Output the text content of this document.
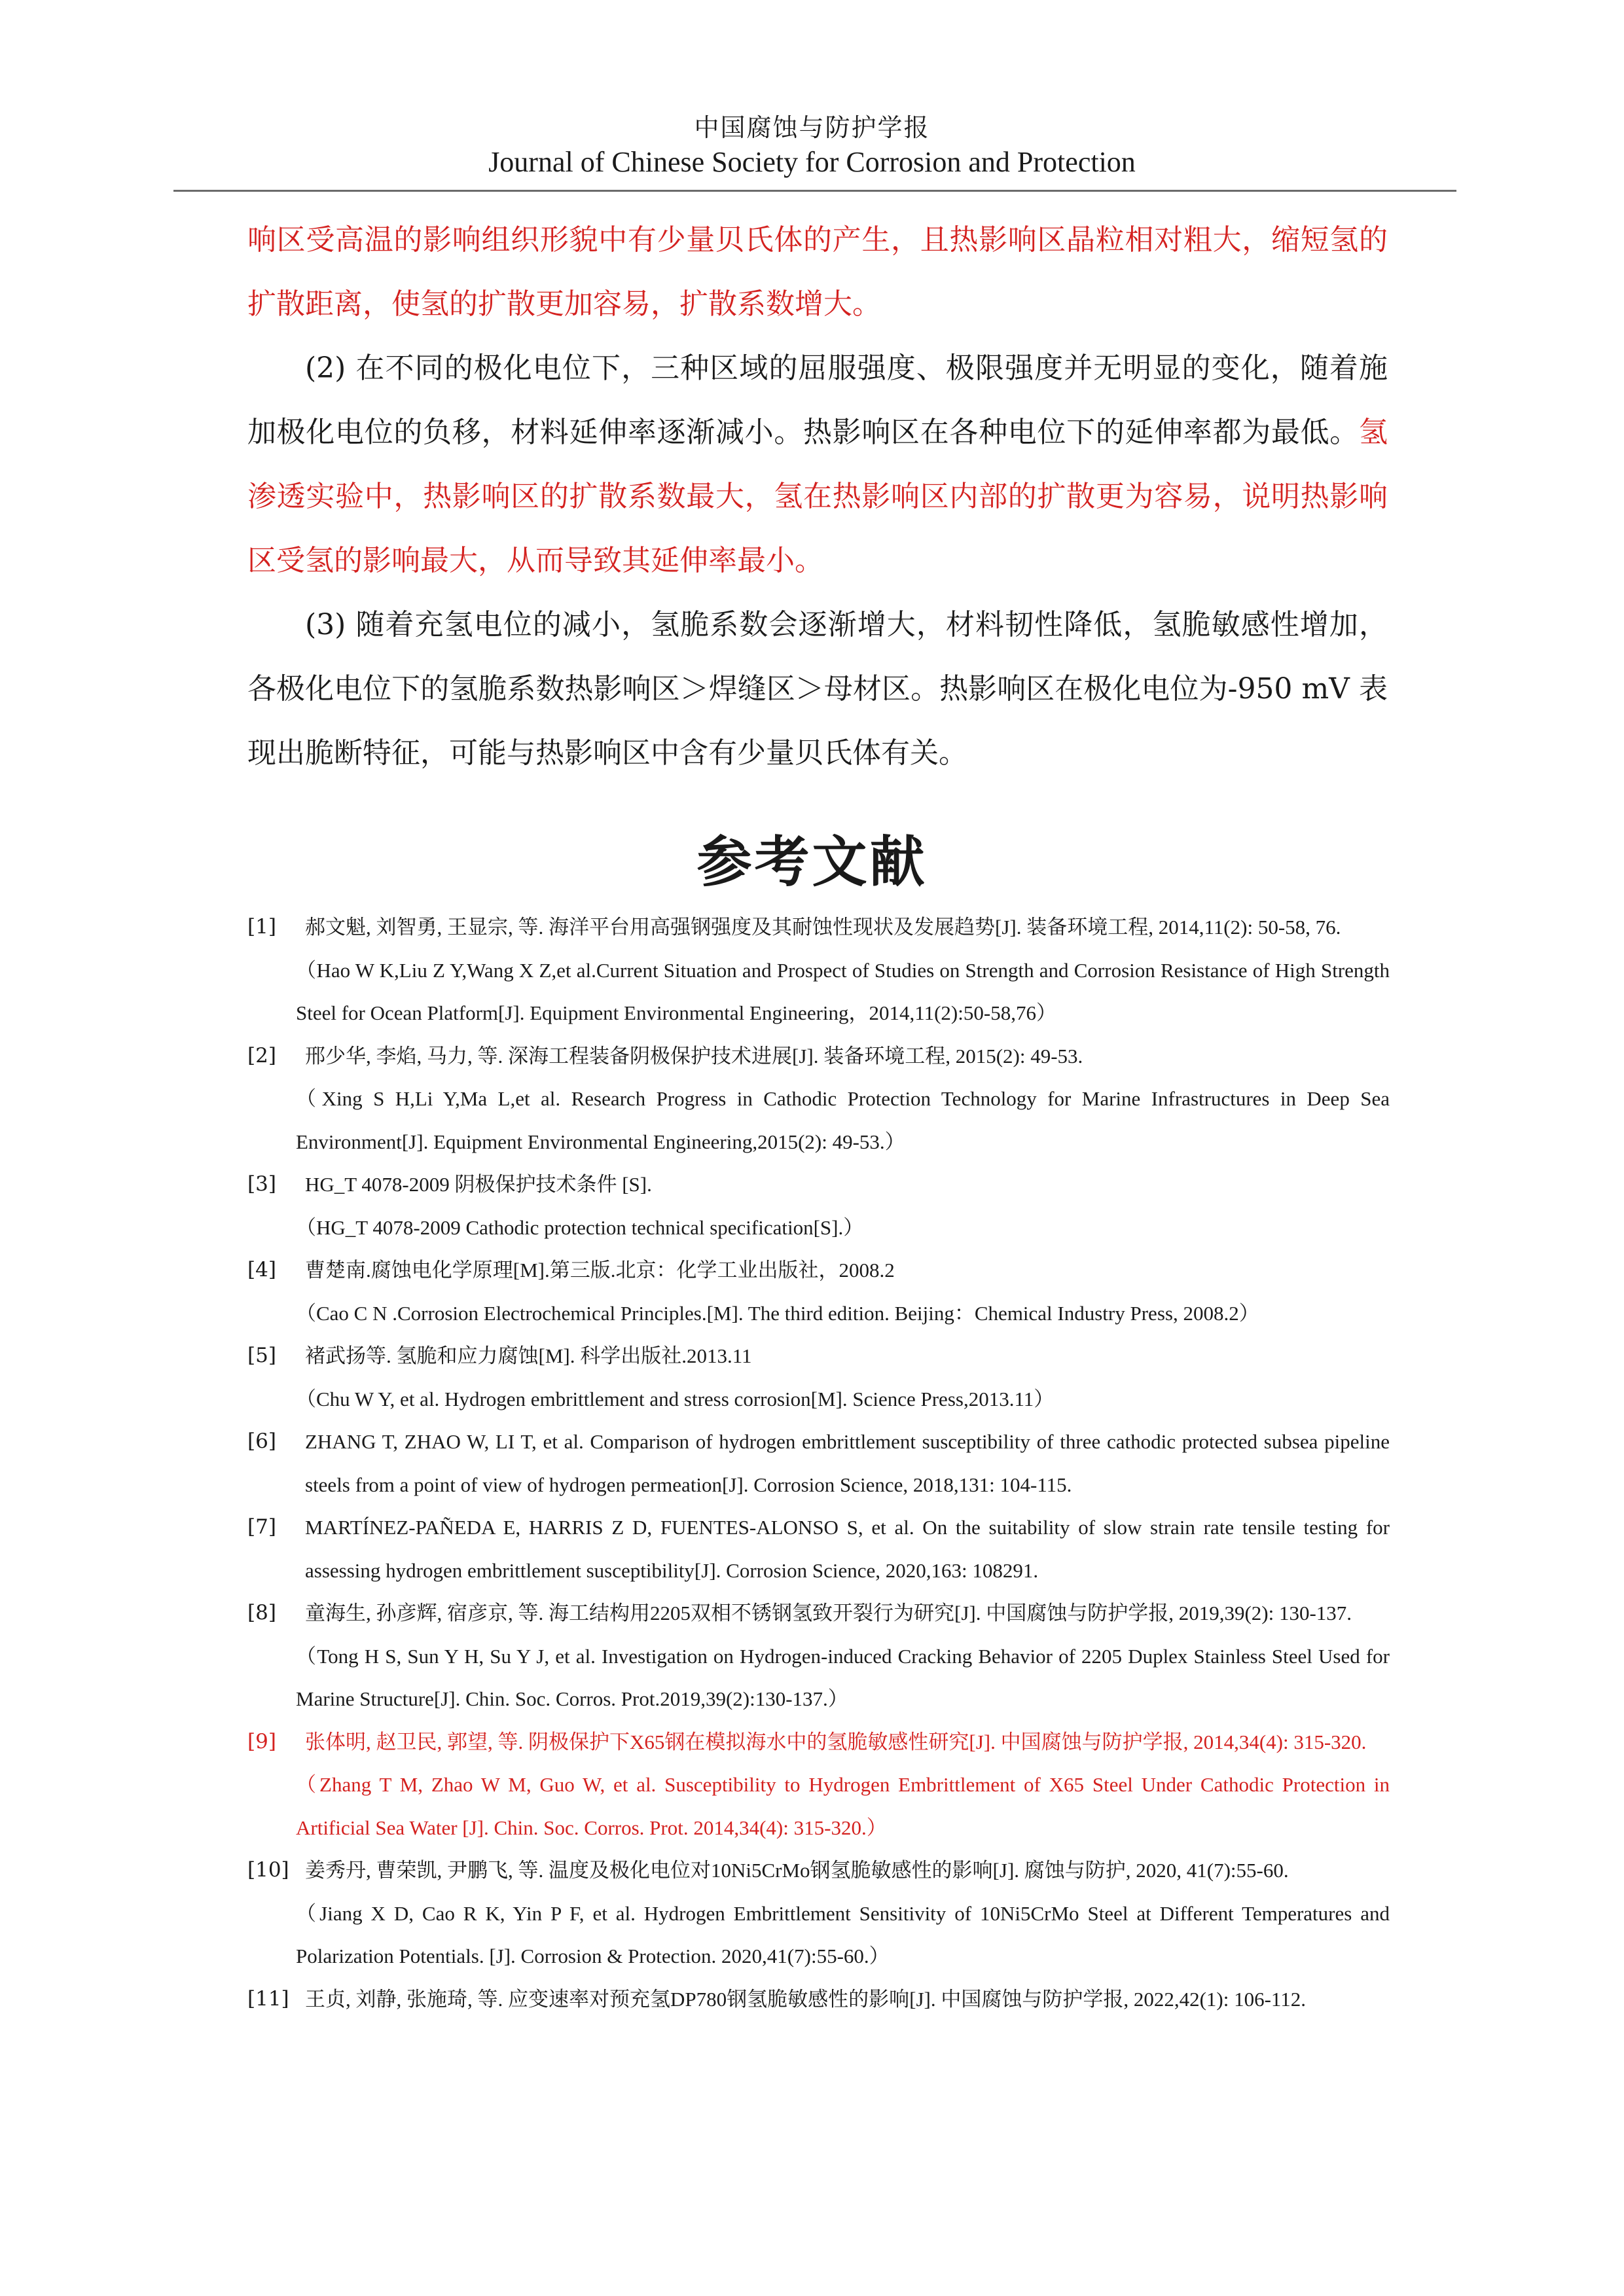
中国腐蚀与防护学报
Journal of Chinese Society for Corrosion and Protection

响区受高温的影响组织形貌中有少量贝氏体的产生，且热影响区晶粒相对粗大，缩短氢的扩散距离，使氢的扩散更加容易，扩散系数增大。

(2) 在不同的极化电位下，三种区域的屈服强度、极限强度并无明显的变化，随着施加极化电位的负移，材料延伸率逐渐减小。热影响区在各种电位下的延伸率都为最低。氢渗透实验中，热影响区的扩散系数最大，氢在热影响区内部的扩散更为容易，说明热影响区受氢的影响最大，从而导致其延伸率最小。

(3) 随着充氢电位的减小，氢脆系数会逐渐增大，材料韧性降低，氢脆敏感性增加，各极化电位下的氢脆系数热影响区＞焊缝区＞母材区。热影响区在极化电位为-950 mV 表现出脆断特征，可能与热影响区中含有少量贝氏体有关。

参考文献
[1] 郝文魁, 刘智勇, 王显宗, 等. 海洋平台用高强钢强度及其耐蚀性现状及发展趋势[J]. 装备环境工程, 2014,11(2): 50-58, 76.
（Hao W K,Liu Z Y,Wang X Z,et al.Current Situation and Prospect of Studies on Strength and Corrosion Resistance of High Strength Steel for Ocean Platform[J]. Equipment Environmental Engineering，2014,11(2):50-58,76）
[2] 邢少华, 李焰, 马力, 等. 深海工程装备阴极保护技术进展[J]. 装备环境工程, 2015(2): 49-53.
（Xing S H,Li Y,Ma L,et al. Research Progress in Cathodic Protection Technology for Marine Infrastructures in Deep Sea Environment[J]. Equipment Environmental Engineering,2015(2): 49-53.）
[3] HG_T 4078-2009 阴极保护技术条件 [S].
（HG_T 4078-2009 Cathodic protection technical specification[S].）
[4] 曹楚南.腐蚀电化学原理[M].第三版.北京：化学工业出版社，2008.2
（Cao C N .Corrosion Electrochemical Principles.[M]. The third edition. Beijing：Chemical Industry Press, 2008.2）
[5] 褚武扬等. 氢脆和应力腐蚀[M]. 科学出版社.2013.11
（Chu W Y, et al. Hydrogen embrittlement and stress corrosion[M]. Science Press,2013.11）
[6] ZHANG T, ZHAO W, LI T, et al. Comparison of hydrogen embrittlement susceptibility of three cathodic protected subsea pipeline steels from a point of view of hydrogen permeation[J]. Corrosion Science, 2018,131: 104-115.
[7] MARTÍNEZ-PAÑEDA E, HARRIS Z D, FUENTES-ALONSO S, et al. On the suitability of slow strain rate tensile testing for assessing hydrogen embrittlement susceptibility[J]. Corrosion Science, 2020,163: 108291.
[8] 童海生, 孙彦辉, 宿彦京, 等. 海工结构用2205双相不锈钢氢致开裂行为研究[J]. 中国腐蚀与防护学报, 2019,39(2): 130-137.
（Tong H S, Sun Y H, Su Y J, et al. Investigation on Hydrogen-induced Cracking Behavior of 2205 Duplex Stainless Steel Used for Marine Structure[J]. Chin. Soc. Corros. Prot.2019,39(2):130-137.）
[9] 张体明, 赵卫民, 郭望, 等. 阴极保护下X65钢在模拟海水中的氢脆敏感性研究[J]. 中国腐蚀与防护学报, 2014,34(4): 315-320.
（Zhang T M, Zhao W M, Guo W, et al. Susceptibility to Hydrogen Embrittlement of X65 Steel Under Cathodic Protection in Artificial Sea Water [J]. Chin. Soc. Corros. Prot. 2014,34(4): 315-320.）
[10] 姜秀丹, 曹荣凯, 尹鹏飞, 等. 温度及极化电位对10Ni5CrMo钢氢脆敏感性的影响[J]. 腐蚀与防护, 2020, 41(7):55-60.
（Jiang X D, Cao R K, Yin P F, et al. Hydrogen Embrittlement Sensitivity of 10Ni5CrMo Steel at Different Temperatures and Polarization Potentials. [J]. Corrosion & Protection. 2020,41(7):55-60.）
[11] 王贞, 刘静, 张施琦, 等. 应变速率对预充氢DP780钢氢脆敏感性的影响[J]. 中国腐蚀与防护学报, 2022,42(1): 106-112.
